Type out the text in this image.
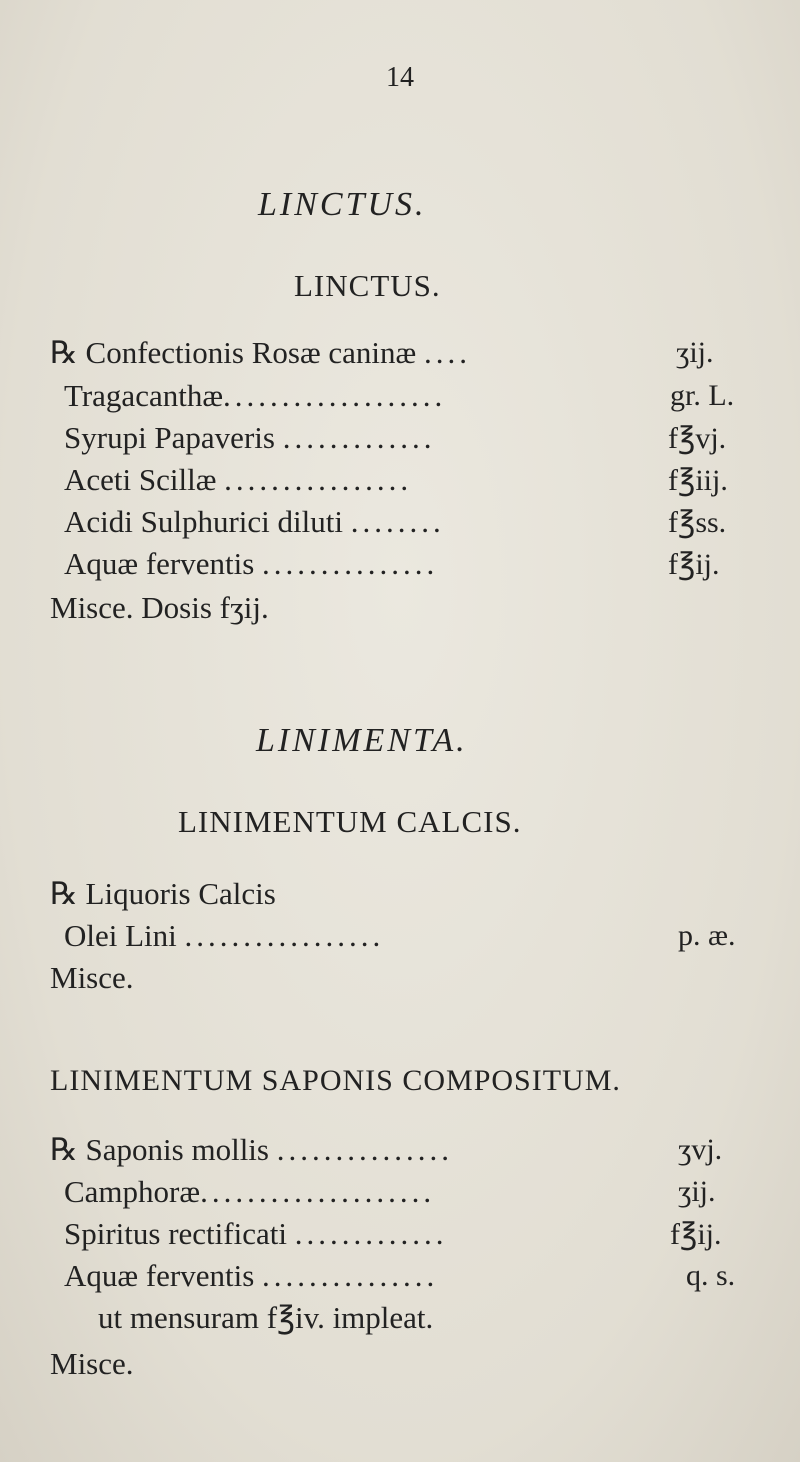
14
LINCTUS.
LINCTUS.
℞ Confectionis Rosæ caninæ ....	ʒij.
Tragacanthæ...................	gr. L.
Syrupi Papaveris .............	f℥vj.
Aceti Scillæ ................	f℥iij.
Acidi Sulphurici diluti ........	f℥ss.
Aquæ ferventis ...............	f℥ij.
Misce. Dosis fʒij.
LINIMENTA.
LINIMENTUM CALCIS.
℞ Liquoris Calcis
Olei Lini .................	p. æ.
Misce.
LINIMENTUM SAPONIS COMPOSITUM.
℞ Saponis mollis ...............	ʒvj.
Camphoræ....................	ʒij.
Spiritus rectificati .............	f℥ij.
Aquæ ferventis ...............	q. s.
ut mensuram f℥iv. impleat.
Misce.
